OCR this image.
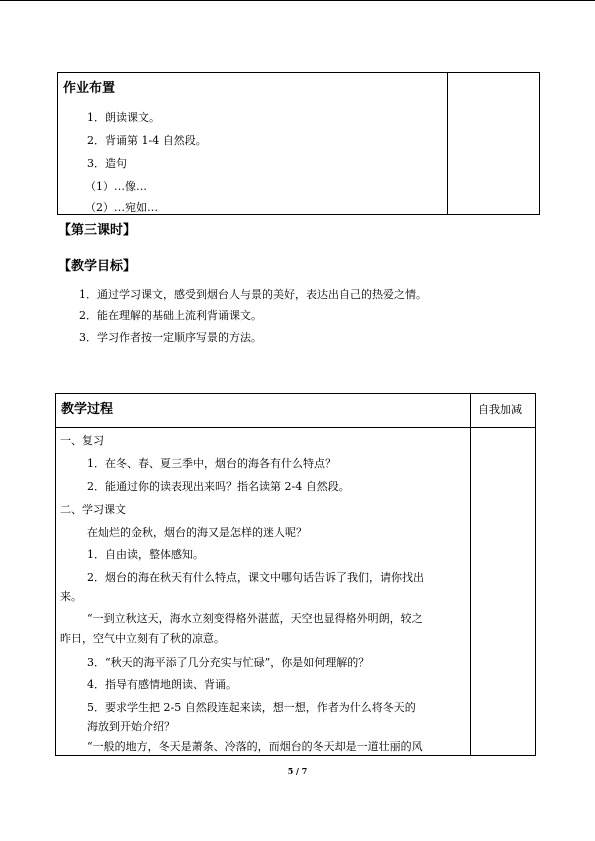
作业布置
1．朗读课文。
2．背诵第 1-4 自然段。
3．造句
（1）…像…
（2）…宛如…
【第三课时】
【教学目标】
1．通过学习课文，感受到烟台人与景的美好，表达出自己的热爱之情。
2．能在理解的基础上流利背诵课文。
3．学习作者按一定顺序写景的方法。
教学过程	自我加减
一、复习
1．在冬、春、夏三季中，烟台的海各有什么特点？
2．能通过你的读表现出来吗？指名读第 2-4 自然段。
二、学习课文
在灿烂的金秋，烟台的海又是怎样的迷人呢？
1．自由读，整体感知。
2．烟台的海在秋天有什么特点，课文中哪句话告诉了我们，请你找出
来。
“一到立秋这天，海水立刻变得格外湛蓝，天空也显得格外明朗，较之
昨日，空气中立刻有了秋的凉意。
3．“秋天的海平添了几分充实与忙碌”，你是如何理解的？
4．指导有感情地朗读、背诵。
5．要求学生把 2-5 自然段连起来读，想一想，作者为什么将冬天的
海放到开始介绍？
“一般的地方，冬天是萧条、冷落的，而烟台的冬天却是一道壮丽的风
5 / 7
